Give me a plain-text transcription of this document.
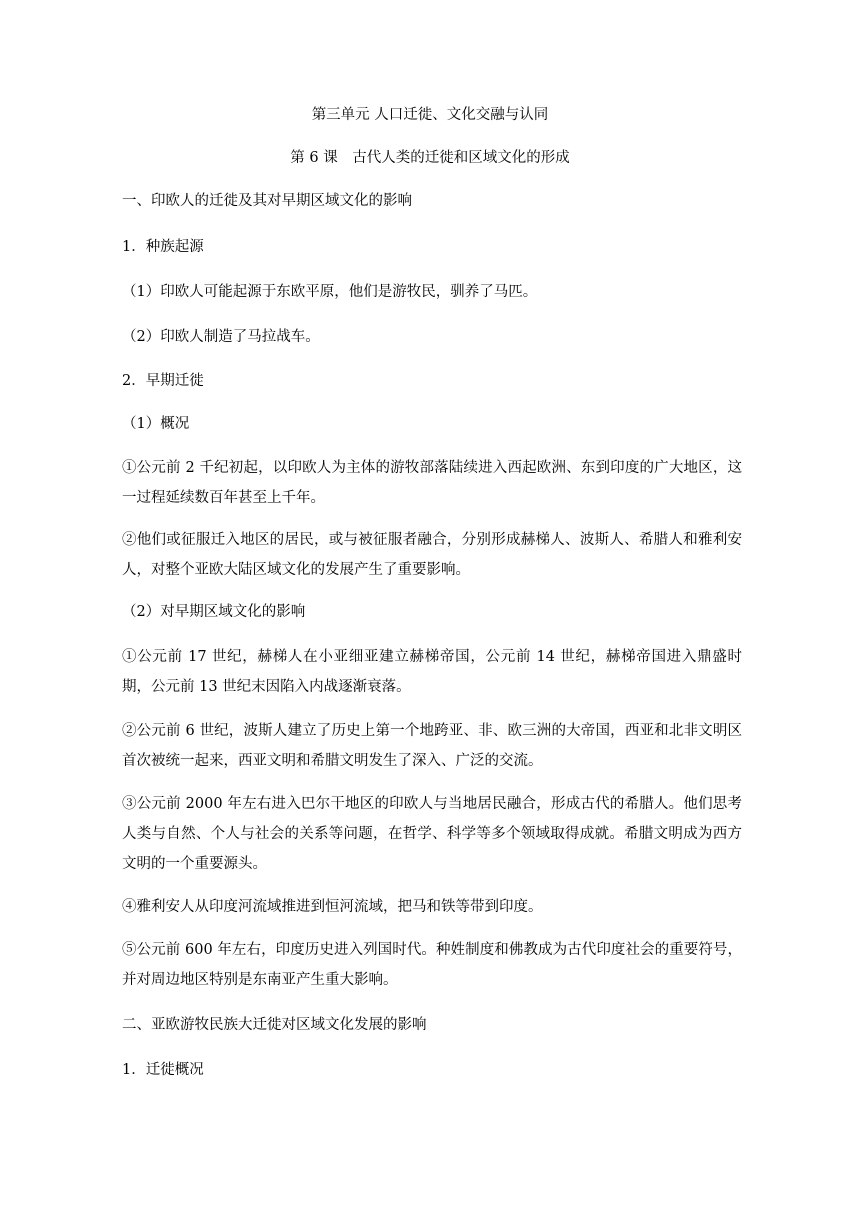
第三单元 人口迁徙、文化交融与认同
第 6 课　古代人类的迁徙和区域文化的形成
一、印欧人的迁徙及其对早期区域文化的影响
1．种族起源
（1）印欧人可能起源于东欧平原，他们是游牧民，驯养了马匹。
（2）印欧人制造了马拉战车。
2．早期迁徙
（1）概况
①公元前 2 千纪初起，以印欧人为主体的游牧部落陆续进入西起欧洲、东到印度的广大地区，这一过程延续数百年甚至上千年。
②他们或征服迁入地区的居民，或与被征服者融合，分别形成赫梯人、波斯人、希腊人和雅利安人，对整个亚欧大陆区域文化的发展产生了重要影响。
（2）对早期区域文化的影响
①公元前 17 世纪，赫梯人在小亚细亚建立赫梯帝国，公元前 14 世纪，赫梯帝国进入鼎盛时期，公元前 13 世纪末因陷入内战逐渐衰落。
②公元前 6 世纪，波斯人建立了历史上第一个地跨亚、非、欧三洲的大帝国，西亚和北非文明区首次被统一起来，西亚文明和希腊文明发生了深入、广泛的交流。
③公元前 2000 年左右进入巴尔干地区的印欧人与当地居民融合，形成古代的希腊人。他们思考人类与自然、个人与社会的关系等问题，在哲学、科学等多个领域取得成就。希腊文明成为西方文明的一个重要源头。
④雅利安人从印度河流域推进到恒河流域，把马和铁等带到印度。
⑤公元前 600 年左右，印度历史进入列国时代。种姓制度和佛教成为古代印度社会的重要符号，并对周边地区特别是东南亚产生重大影响。
二、亚欧游牧民族大迁徙对区域文化发展的影响
1．迁徙概况
